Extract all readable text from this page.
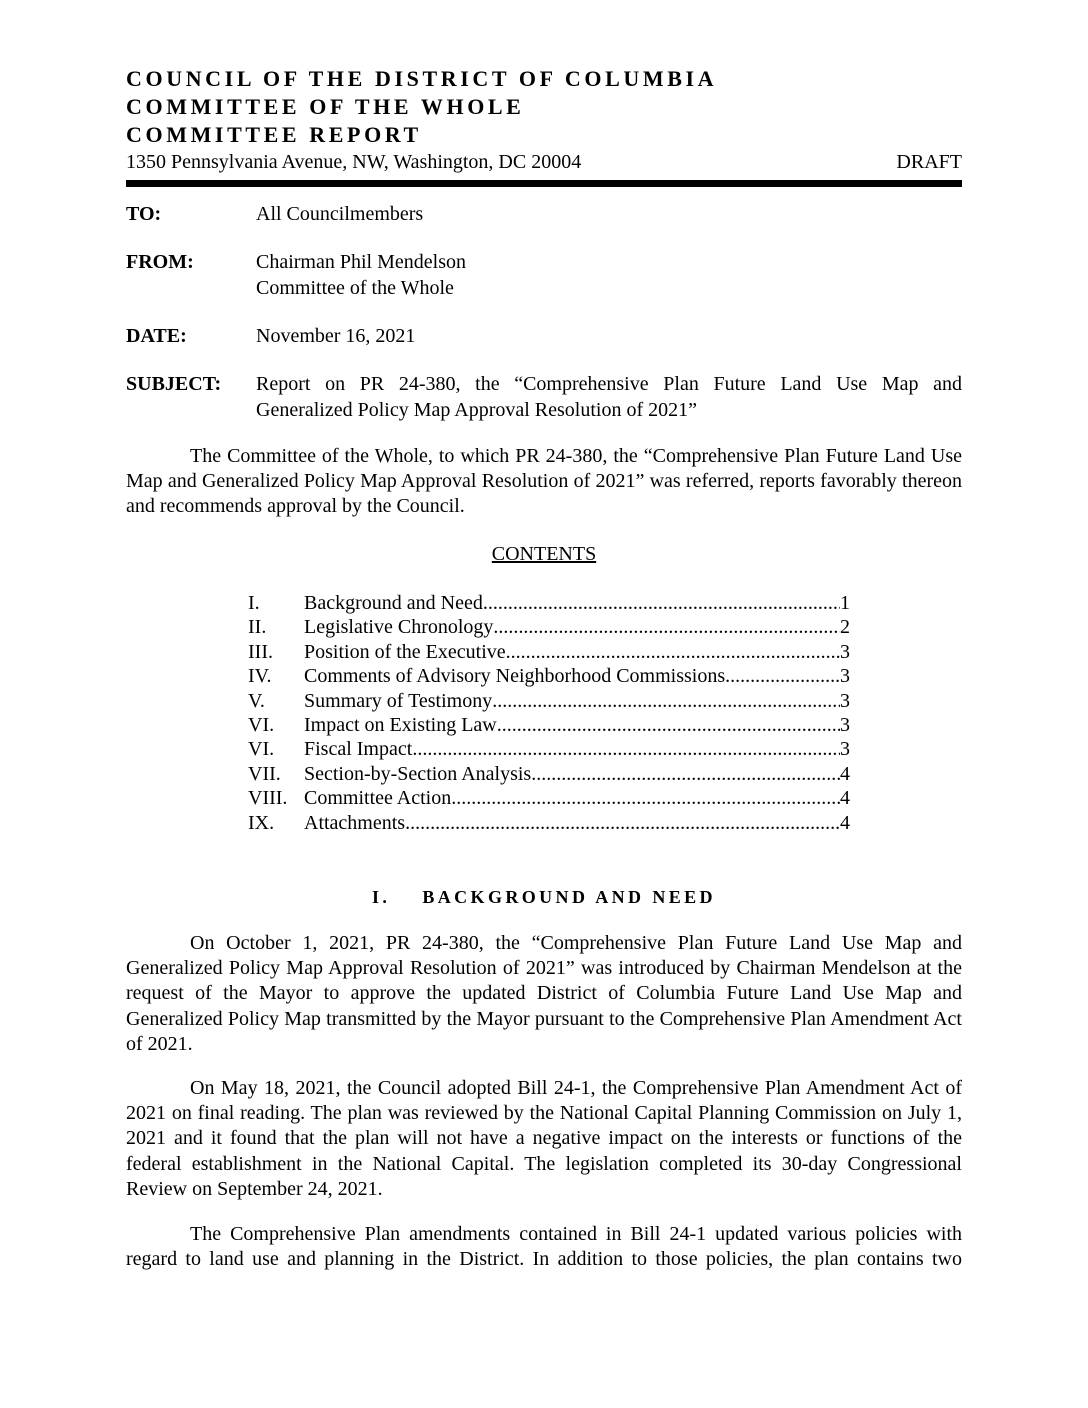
COUNCIL OF THE DISTRICT OF COLUMBIA
COMMITTEE OF THE WHOLE
COMMITTEE REPORT
1350 Pennsylvania Avenue, NW, Washington, DC 20004	DRAFT
TO:	All Councilmembers
FROM:	Chairman Phil Mendelson
Committee of the Whole
DATE:	November 16, 2021
SUBJECT: Report on PR 24-380, the “Comprehensive Plan Future Land Use Map and
Generalized Policy Map Approval Resolution of 2021”
The Committee of the Whole, to which PR 24-380, the “Comprehensive Plan Future Land Use Map and Generalized Policy Map Approval Resolution of 2021” was referred, reports favorably thereon and recommends approval by the Council.
CONTENTS
I.	Background and Need .....	1
II.	Legislative Chronology .....	2
III.	Position of the Executive .....	3
IV.	Comments of Advisory Neighborhood Commissions .....	3
V.	Summary of Testimony .....	3
VI.	Impact on Existing Law .....	3
VI.	Fiscal Impact .....	3
VII.	Section-by-Section Analysis .....	4
VIII. Committee Action .....	4
IX.	Attachments .....	4
I. BACKGROUND AND NEED
On October 1, 2021, PR 24-380, the “Comprehensive Plan Future Land Use Map and Generalized Policy Map Approval Resolution of 2021” was introduced by Chairman Mendelson at the request of the Mayor to approve the updated District of Columbia Future Land Use Map and Generalized Policy Map transmitted by the Mayor pursuant to the Comprehensive Plan Amendment Act of 2021.
On May 18, 2021, the Council adopted Bill 24-1, the Comprehensive Plan Amendment Act of 2021 on final reading. The plan was reviewed by the National Capital Planning Commission on July 1, 2021 and it found that the plan will not have a negative impact on the interests or functions of the federal establishment in the National Capital. The legislation completed its 30-day Congressional Review on September 24, 2021.
The Comprehensive Plan amendments contained in Bill 24-1 updated various policies with regard to land use and planning in the District. In addition to those policies, the plan contains two
